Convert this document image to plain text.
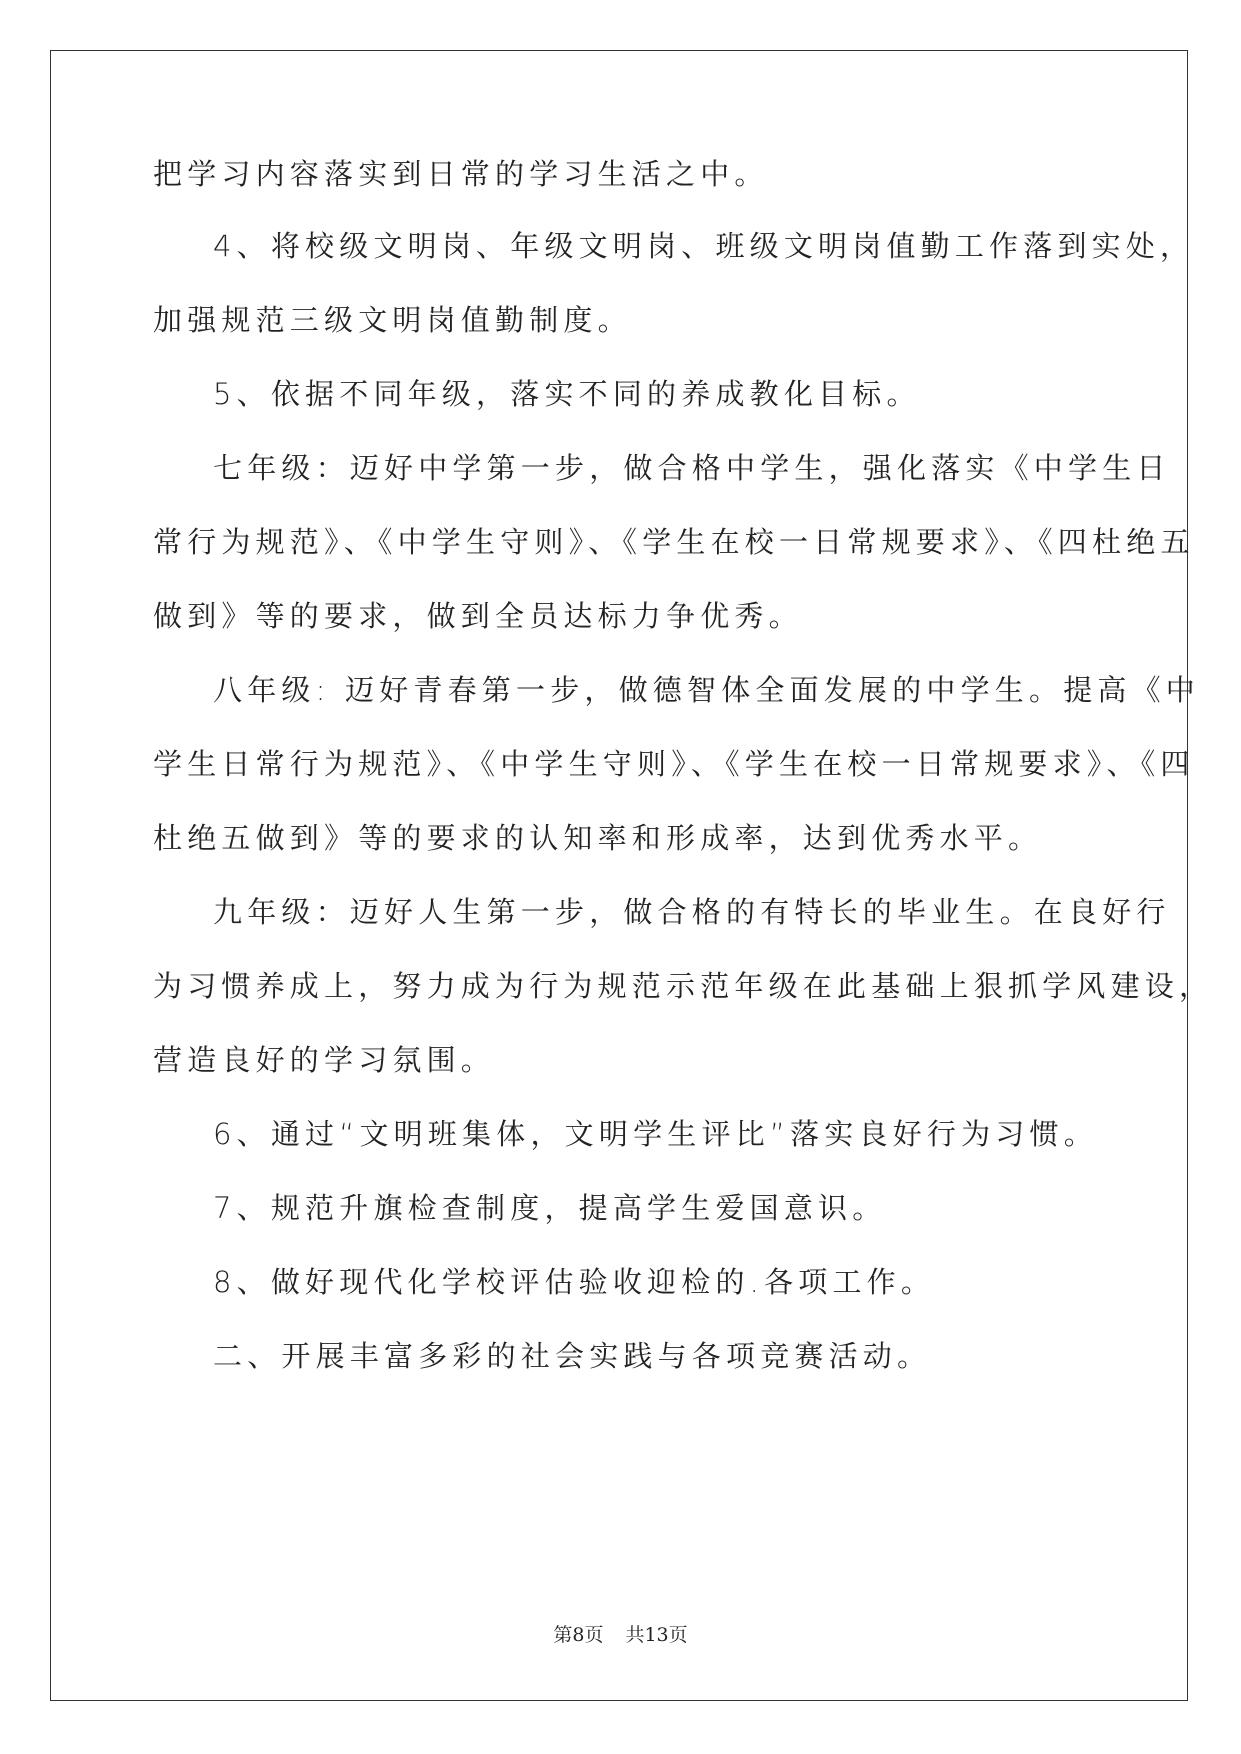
把学习内容落实到日常的学习生活之中。
4、将校级文明岗、年级文明岗、班级文明岗值勤工作落到实处，
加强规范三级文明岗值勤制度。
5、依据不同年级，落实不同的养成教化目标。
七年级：迈好中学第一步，做合格中学生，强化落实《中学生日
常行为规范》、《中学生守则》、《学生在校一日常规要求》、《四杜绝五
做到》等的要求，做到全员达标力争优秀。
八年级: 迈好青春第一步，做德智体全面发展的中学生。提高《中
学生日常行为规范》、《中学生守则》、《学生在校一日常规要求》、《四
杜绝五做到》等的要求的认知率和形成率，达到优秀水平。
九年级：迈好人生第一步，做合格的有特长的毕业生。在良好行
为习惯养成上，努力成为行为规范示范年级在此基础上狠抓学风建设，
营造良好的学习氛围。
6、通过“文明班集体，文明学生评比”落实良好行为习惯。
7、规范升旗检查制度，提高学生爱国意识。
8、做好现代化学校评估验收迎检的.各项工作。
二、开展丰富多彩的社会实践与各项竞赛活动。
第8页 共13页
